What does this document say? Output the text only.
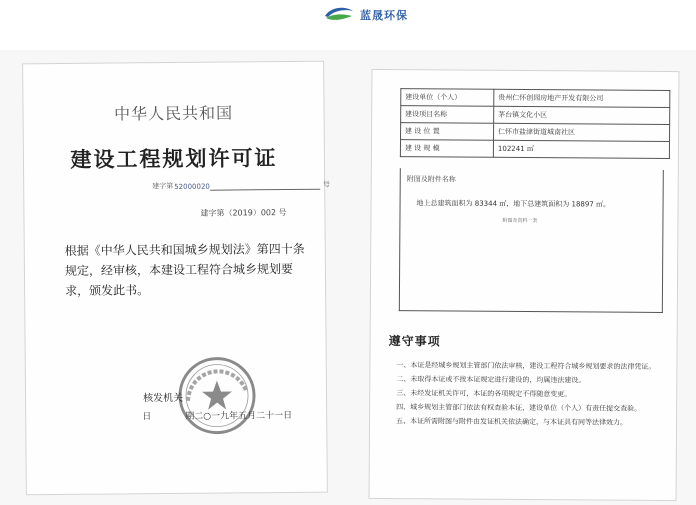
蓝晟环保
中华人民共和国
建设工程规划许可证
建字第52000020	号
建字第（2019）002 号
根据《中华人民共和国城乡规划法》第四十条规定，经审核，本建设工程符合城乡规划要求，颁发此书。
核发机关
日	期二○一九年五月二十一日
建设单位（个人）	贵州仁怀创园房地产开发有限公司
建设项目名称	茅台镇文化小区
建 设 位 置	仁怀市盐津街道城南社区
建 设 规 模	102241 ㎡
附图及附件名称
地上总建筑面积为 83344 ㎡，地下总建筑面积为 18897 ㎡。
附图及资料一套
遵守事项
一、本证是经城乡规划主管部门依法审核，建设工程符合城乡规划要求的法律凭证。
二、未取得本证或不按本证规定进行建设的，均属违法建设。
三、未经发证机关许可，本证的各项规定不得随意变更。
四、城乡规划主管部门依法有权查验本证，建设单位（个人）有责任提交查验。
五、本证所需附图与附件由发证机关依法确定，与本证具有同等法律效力。
